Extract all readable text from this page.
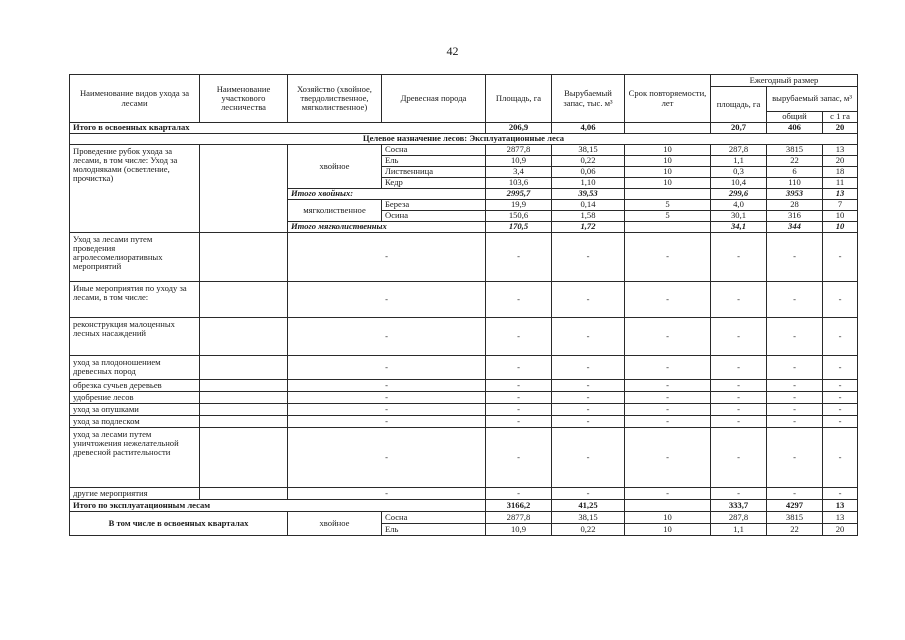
42
Наименование видов ухода за лесами	Наименование участкового лесничества	Хозяйство (хвойное, твердолиственное, мягколиственное)	Древесная порода	Площадь, га	Вырубаемый запас, тыс. м³	Срок повторяемости, лет	Ежегодный размер		
							площадь, га	вырубаемый запас, м³	
								общий	с 1 га
Итого в освоенных кварталах				206,9	4,06		20,7	406	20
Целевое назначение лесов: Эксплуатационные леса									
Проведение рубок ухода за лесами, в том числе: Уход за молодняками (осветление, прочистка)		хвойное	Сосна	2877,8	38,15	10	287,8	3815	13
			Ель	10,9	0,22	10	1,1	22	20
			Лиственница	3,4	0,06	10	0,3	6	18
			Кедр	103,6	1,10	10	10,4	110	11
		Итого хвойных:		2995,7	39,53		299,6	3953	13
		мягколиственное	Береза	19,9	0,14	5	4,0	28	7
			Осина	150,6	1,58	5	30,1	316	10
		Итого мягколиственных		170,5	1,72		34,1	344	10
Уход за лесами путем проведения агролесомелиоративных мероприятий		-		-	-	-	-	-	-
Иные мероприятия по уходу за лесами, в том числе:		-		-	-	-	-	-	-
реконструкция малоценных лесных насаждений		-		-	-	-	-	-	-
уход за плодоношением древесных пород		-		-	-	-	-	-	-
обрезка сучьев деревьев		-		-	-	-	-	-	-
удобрение лесов		-		-	-	-	-	-	-
уход за опушками		-		-	-	-	-	-	-
уход за подлеском		-		-	-	-	-	-	-
уход за лесами путем уничтожения нежелательной древесной растительности		-		-	-	-	-	-	-
другие мероприятия		-		-	-	-	-	-	-
Итого по эксплуатационным лесам				3166,2	41,25		333,7	4297	13
В том числе в освоенных кварталах		хвойное	Сосна	2877,8	38,15	10	287,8	3815	13
			Ель	10,9	0,22	10	1,1	22	20
